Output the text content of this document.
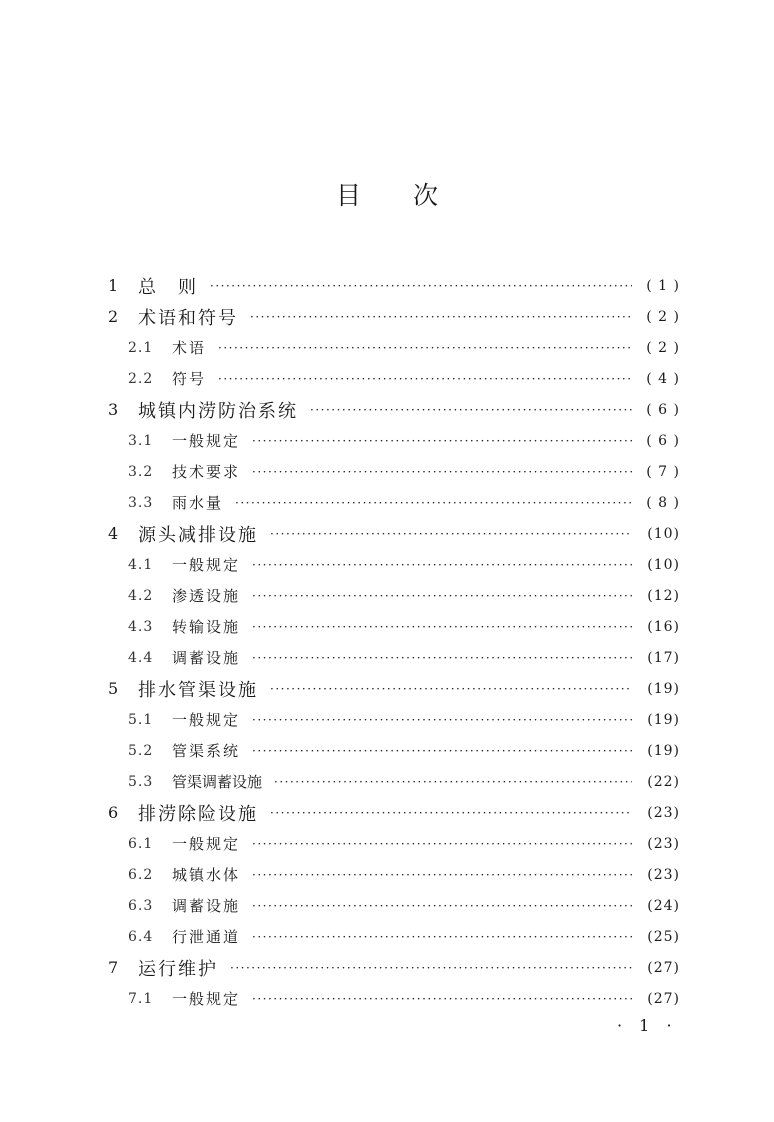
目 次
1	总　则 ·····	( 1 )
2	术语和符号 ·····	( 2 )
2.1	术语 ·····	( 2 )
2.2	符号 ·····	( 4 )
3	城镇内涝防治系统 ·····	( 6 )
3.1	一般规定 ·····	( 6 )
3.2	技术要求 ·····	( 7 )
3.3	雨水量 ·····	( 8 )
4	源头减排设施 ·····	(10)
4.1	一般规定 ·····	(10)
4.2	渗透设施 ·····	(12)
4.3	转输设施 ·····	(16)
4.4	调蓄设施 ·····	(17)
5	排水管渠设施 ·····	(19)
5.1	一般规定 ·····	(19)
5.2	管渠系统 ·····	(19)
5.3	管渠调蓄设施 ·····	(22)
6	排涝除险设施 ·····	(23)
6.1	一般规定 ·····	(23)
6.2	城镇水体 ·····	(23)
6.3	调蓄设施 ·····	(24)
6.4	行泄通道 ·····	(25)
7	运行维护 ·····	(27)
7.1	一般规定 ·····	(27)
· 1 ·
